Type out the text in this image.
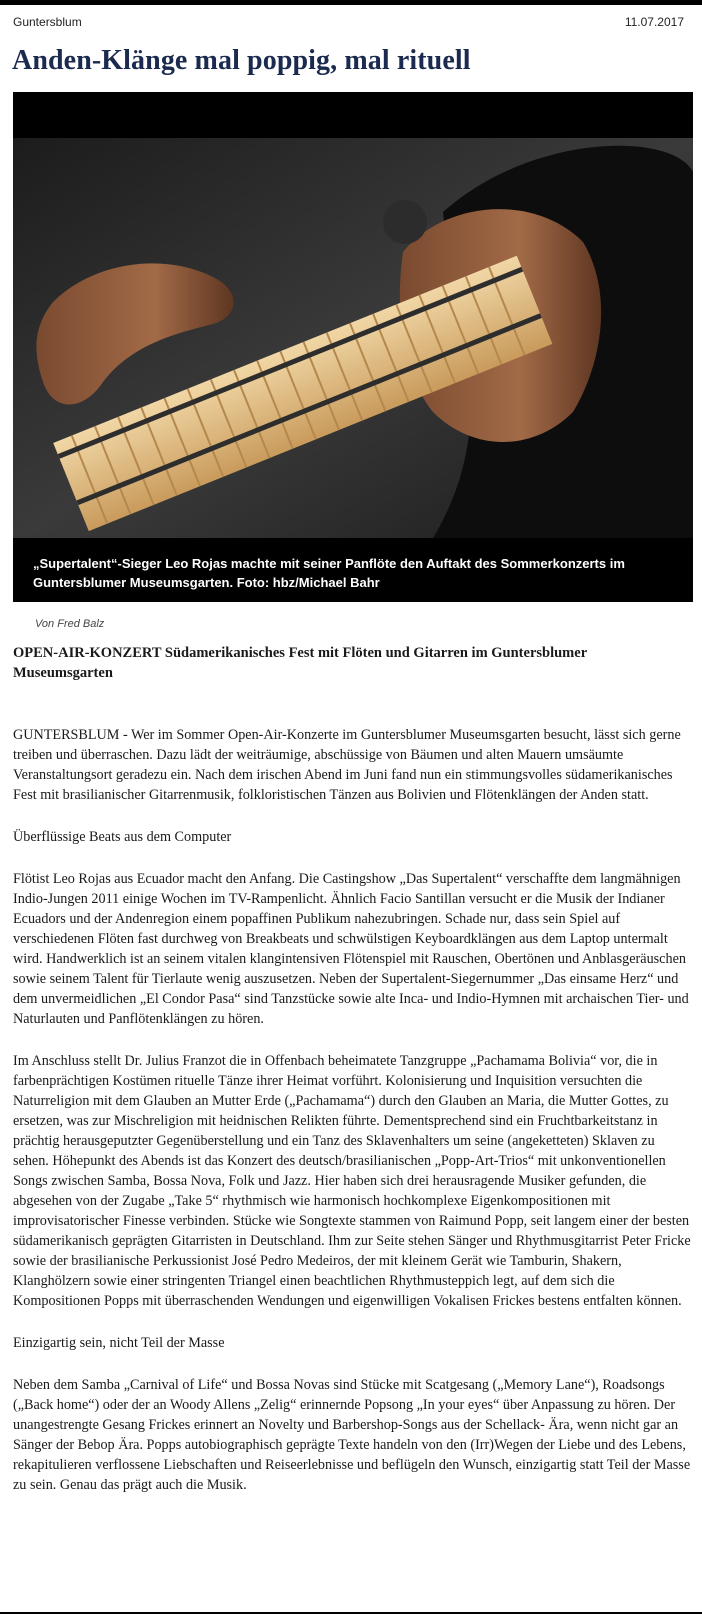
Guntersblum	11.07.2017
Anden-Klänge mal poppig, mal rituell
„Supertalent“-Sieger Leo Rojas machte mit seiner Panflöte den Auftakt des Sommerkonzerts im Guntersblumer Museumsgarten. Foto: hbz/Michael Bahr
Von Fred Balz

OPEN-AIR-KONZERT Südamerikanisches Fest mit Flöten und Gitarren im Guntersblumer Museumsgarten

GUNTERSBLUM - Wer im Sommer Open-Air-Konzerte im Guntersblumer Museumsgarten besucht, lässt sich gerne treiben und überraschen. Dazu lädt der weiträumige, abschüssige von Bäumen und alten Mauern umsäumte Veranstaltungsort geradezu ein. Nach dem irischen Abend im Juni fand nun ein stimmungsvolles südamerikanisches Fest mit brasilianischer Gitarrenmusik, folkloristischen Tänzen aus Bolivien und Flötenklängen der Anden statt.

Überflüssige Beats aus dem Computer

Flötist Leo Rojas aus Ecuador macht den Anfang. Die Castingshow „Das Supertalent“ verschaffte dem langmähnigen Indio-Jungen 2011 einige Wochen im TV-Rampenlicht. Ähnlich Facio Santillan versucht er die Musik der Indianer Ecuadors und der Andenregion einem popaffinen Publikum nahezubringen. Schade nur, dass sein Spiel auf verschiedenen Flöten fast durchweg von Breakbeats und schwülstigen Keyboardklängen aus dem Laptop untermalt wird. Handwerklich ist an seinem vitalen klangintensiven Flötenspiel mit Rauschen, Obertönen und Anblasgeräuschen sowie seinem Talent für Tierlaute wenig auszusetzen. Neben der Supertalent-Siegernummer „Das einsame Herz“ und dem unvermeidlichen „El Condor Pasa“ sind Tanzstücke sowie alte Inca- und Indio-Hymnen mit archaischen Tier- und Naturlauten und Panflötenklängen zu hören.

Im Anschluss stellt Dr. Julius Franzot die in Offenbach beheimatete Tanzgruppe „Pachamama Bolivia“ vor, die in farbenprächtigen Kostümen rituelle Tänze ihrer Heimat vorführt. Kolonisierung und Inquisition versuchten die Naturreligion mit dem Glauben an Mutter Erde („Pachamama“) durch den Glauben an Maria, die Mutter Gottes, zu ersetzen, was zur Mischreligion mit heidnischen Relikten führte. Dementsprechend sind ein Fruchtbarkeitstanz in prächtig herausgeputzter Gegenüberstellung und ein Tanz des Sklavenhalters um seine (angeketteten) Sklaven zu sehen. Höhepunkt des Abends ist das Konzert des deutsch/brasilianischen „Popp-Art-Trios“ mit unkonventionellen Songs zwischen Samba, Bossa Nova, Folk und Jazz. Hier haben sich drei herausragende Musiker gefunden, die abgesehen von der Zugabe „Take 5“ rhythmisch wie harmonisch hochkomplexe Eigenkompositionen mit improvisatorischer Finesse verbinden. Stücke wie Songtexte stammen von Raimund Popp, seit langem einer der besten südamerikanisch geprägten Gitarristen in Deutschland. Ihm zur Seite stehen Sänger und Rhythmusgitarrist Peter Fricke sowie der brasilianische Perkussionist José Pedro Medeiros, der mit kleinem Gerät wie Tamburin, Shakern, Klanghölzern sowie einer stringenten Triangel einen beachtlichen Rhythmusteppich legt, auf dem sich die Kompositionen Popps mit überraschenden Wendungen und eigenwilligen Vokalisen Frickes bestens entfalten können.

Einzigartig sein, nicht Teil der Masse

Neben dem Samba „Carnival of Life“ und Bossa Novas sind Stücke mit Scatgesang („Memory Lane“), Roadsongs („Back home“) oder der an Woody Allens „Zelig“ erinnernde Popsong „In your eyes“ über Anpassung zu hören. Der unangestrengte Gesang Frickes erinnert an Novelty und Barbershop-Songs aus der Schellack- Ära, wenn nicht gar an Sänger der Bebop Ära. Popps autobiographisch geprägte Texte handeln von den (Irr)Wegen der Liebe und des Lebens, rekapitulieren verflossene Liebschaften und Reiseerlebnisse und beflügeln den Wunsch, einzigartig statt Teil der Masse zu sein. Genau das prägt auch die Musik.
